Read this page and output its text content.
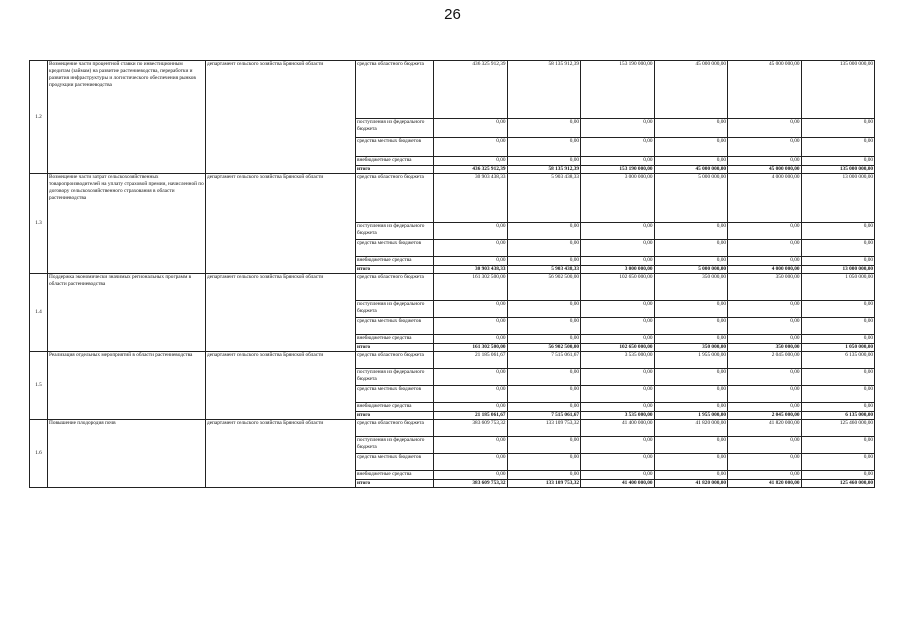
26
1.2	Возмещение части процентной ставки по инвестиционным кредитам (займам) на развитие растениеводства, переработки и развития инфраструктуры и логистического обеспечения рынков продукции растениеводства	департамент сельского хозяйства Брянской области	средства областного бюджета	436 325 912,39	58 135 912,39	153 190 000,00	45 000 000,00	45 000 000,00	135 000 000,00
			поступления из федерального бюджета	0,00	0,00	0,00	0,00	0,00	0,00
			средства местных бюджетов	0,00	0,00	0,00	0,00	0,00	0,00
			внебюджетные средства	0,00	0,00	0,00	0,00	0,00	0,00
			итого	436 325 912,39	58 135 912,39	153 190 000,00	45 000 000,00	45 000 000,00	135 000 000,00
1.3	Возмещение части затрат сельскохозяйственных товаропроизводителей на уплату страховой премии, начисленной по договору сельскохозяйственного страхования в области растениеводства	департамент сельского хозяйства Брянской области	средства областного бюджета	30 903 438,33	5 903 438,33	3 000 000,00	5 000 000,00	4 000 000,00	13 000 000,00
			поступления из федерального бюджета	0,00	0,00	0,00	0,00	0,00	0,00
			средства местных бюджетов	0,00	0,00	0,00	0,00	0,00	0,00
			внебюджетные средства	0,00	0,00	0,00	0,00	0,00	0,00
			итого	30 903 438,33	5 903 438,33	3 000 000,00	5 000 000,00	4 000 000,00	13 000 000,00
1.4	Поддержка экономически значимых региональных программ в области растениеводства	департамент сельского хозяйства Брянской области	средства областного бюджета	161 302 500,00	56 902 500,00	102 650 000,00	350 000,00	350 000,00	1 050 000,00
			поступления из федерального бюджета	0,00	0,00	0,00	0,00	0,00	0,00
			средства местных бюджетов	0,00	0,00	0,00	0,00	0,00	0,00
			внебюджетные средства	0,00	0,00	0,00	0,00	0,00	0,00
			итого	161 302 500,00	56 902 500,00	102 650 000,00	350 000,00	350 000,00	1 050 000,00
1.5	Реализация отдельных мероприятий в области растениеводства	департамент сельского хозяйства Брянской области	средства областного бюджета	21 185 061,67	7 515 061,67	3 535 000,00	1 955 000,00	2 045 000,00	6 135 000,00
			поступления из федерального бюджета	0,00	0,00	0,00	0,00	0,00	0,00
			средства местных бюджетов	0,00	0,00	0,00	0,00	0,00	0,00
			внебюджетные средства	0,00	0,00	0,00	0,00	0,00	0,00
			итого	21 185 061,67	7 515 061,67	3 535 000,00	1 955 000,00	2 045 000,00	6 135 000,00
1.6	Повышение плодородия почв	департамент сельского хозяйства Брянской области	средства областного бюджета	383 609 753,32	133 109 753,32	41 400 000,00	41 820 000,00	41 820 000,00	125 460 000,00
			поступления из федерального бюджета	0,00	0,00	0,00	0,00	0,00	0,00
			средства местных бюджетов	0,00	0,00	0,00	0,00	0,00	0,00
			внебюджетные средства	0,00	0,00	0,00	0,00	0,00	0,00
			итого	383 609 753,32	133 109 753,32	41 400 000,00	41 820 000,00	41 820 000,00	125 460 000,00
